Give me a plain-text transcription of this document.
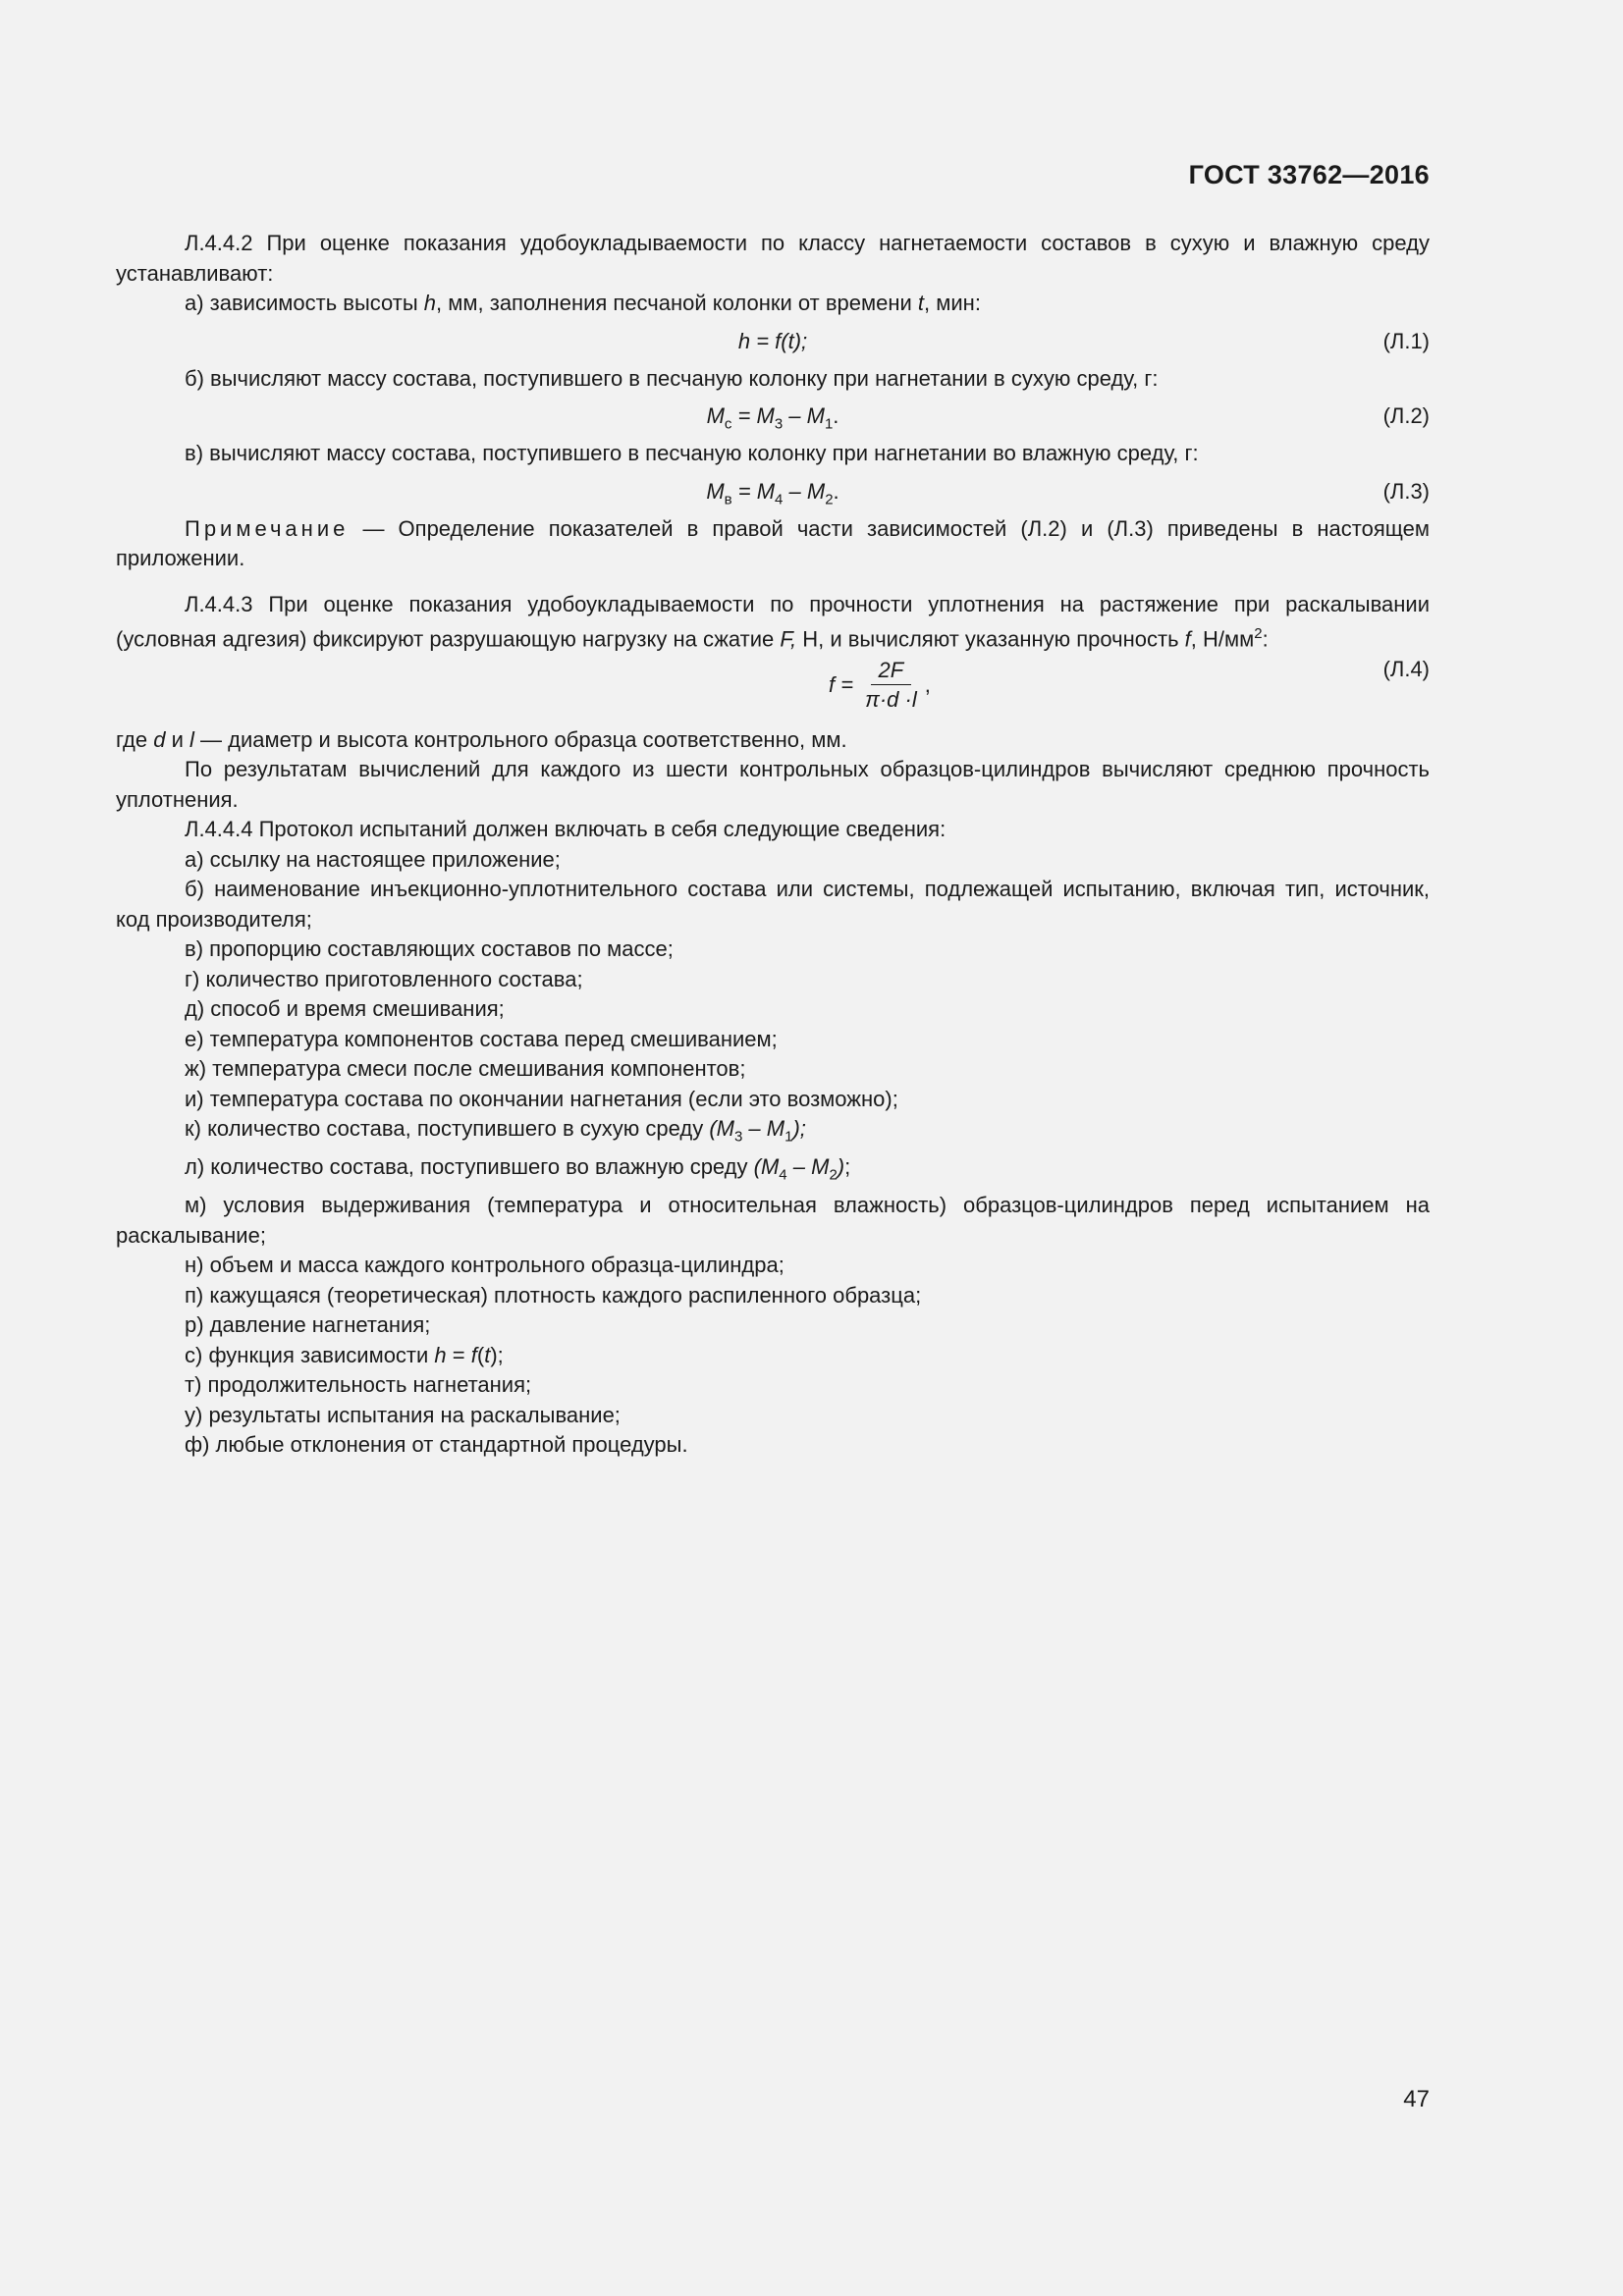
ГОСТ 33762—2016

Л.4.4.2 При оценке показания удобоукладываемости по классу нагнетаемости составов в сухую и влажную среду устанавливают:

а) зависимость высоты h, мм, заполнения песчаной колонки от времени t, мин:

h = f(t);	(Л.1)

б) вычисляют массу состава, поступившего в песчаную колонку при нагнетании в сухую среду, г:

$M_с = M_3 - M_1$.	(Л.2)

в) вычисляют массу состава, поступившего в песчаную колонку при нагнетании во влажную среду, г:

$M_в = M_4 - M_2$.	(Л.3)

Примечание — Определение показателей в правой части зависимостей (Л.2) и (Л.3) приведены в настоящем приложении.

Л.4.4.3 При оценке показания удобоукладываемости по прочности уплотнения на растяжение при раскалывании (условная адгезия) фиксируют разрушающую нагрузку на сжатие F, Н, и вычисляют указанную прочность f, $Н/мм^2$:

$f = \frac{2F}{\pi\cdot d \cdot l}$ ,
(Л.4)

где d и l — диаметр и высота контрольного образца соответственно, мм.

По результатам вычислений для каждого из шести контрольных образцов-цилиндров вычисляют среднюю прочность уплотнения.

Л.4.4.4 Протокол испытаний должен включать в себя следующие сведения:

а) ссылку на настоящее приложение;

б) наименование инъекционно-уплотнительного состава или системы, подлежащей испытанию, включая тип, источник, код производителя;

в) пропорцию составляющих составов по массе;

г) количество приготовленного состава;

д) способ и время смешивания;

е) температура компонентов состава перед смешиванием;

ж) температура смеси после смешивания компонентов;

и) температура состава по окончании нагнетания (если это возможно);

к) количество состава, поступившего в сухую среду $(M_3 - M_1)$;

л) количество состава, поступившего во влажную среду $(M_4 - M_2)$;

м) условия выдерживания (температура и относительная влажность) образцов-цилиндров перед испытанием на раскалывание;

н) объем и масса каждого контрольного образца-цилиндра;

п) кажущаяся (теоретическая) плотность каждого распиленного образца;

р) давление нагнетания;

с) функция зависимости h = f(t);

т) продолжительность нагнетания;

у) результаты испытания на раскалывание;

ф) любые отклонения от стандартной процедуры.

47
